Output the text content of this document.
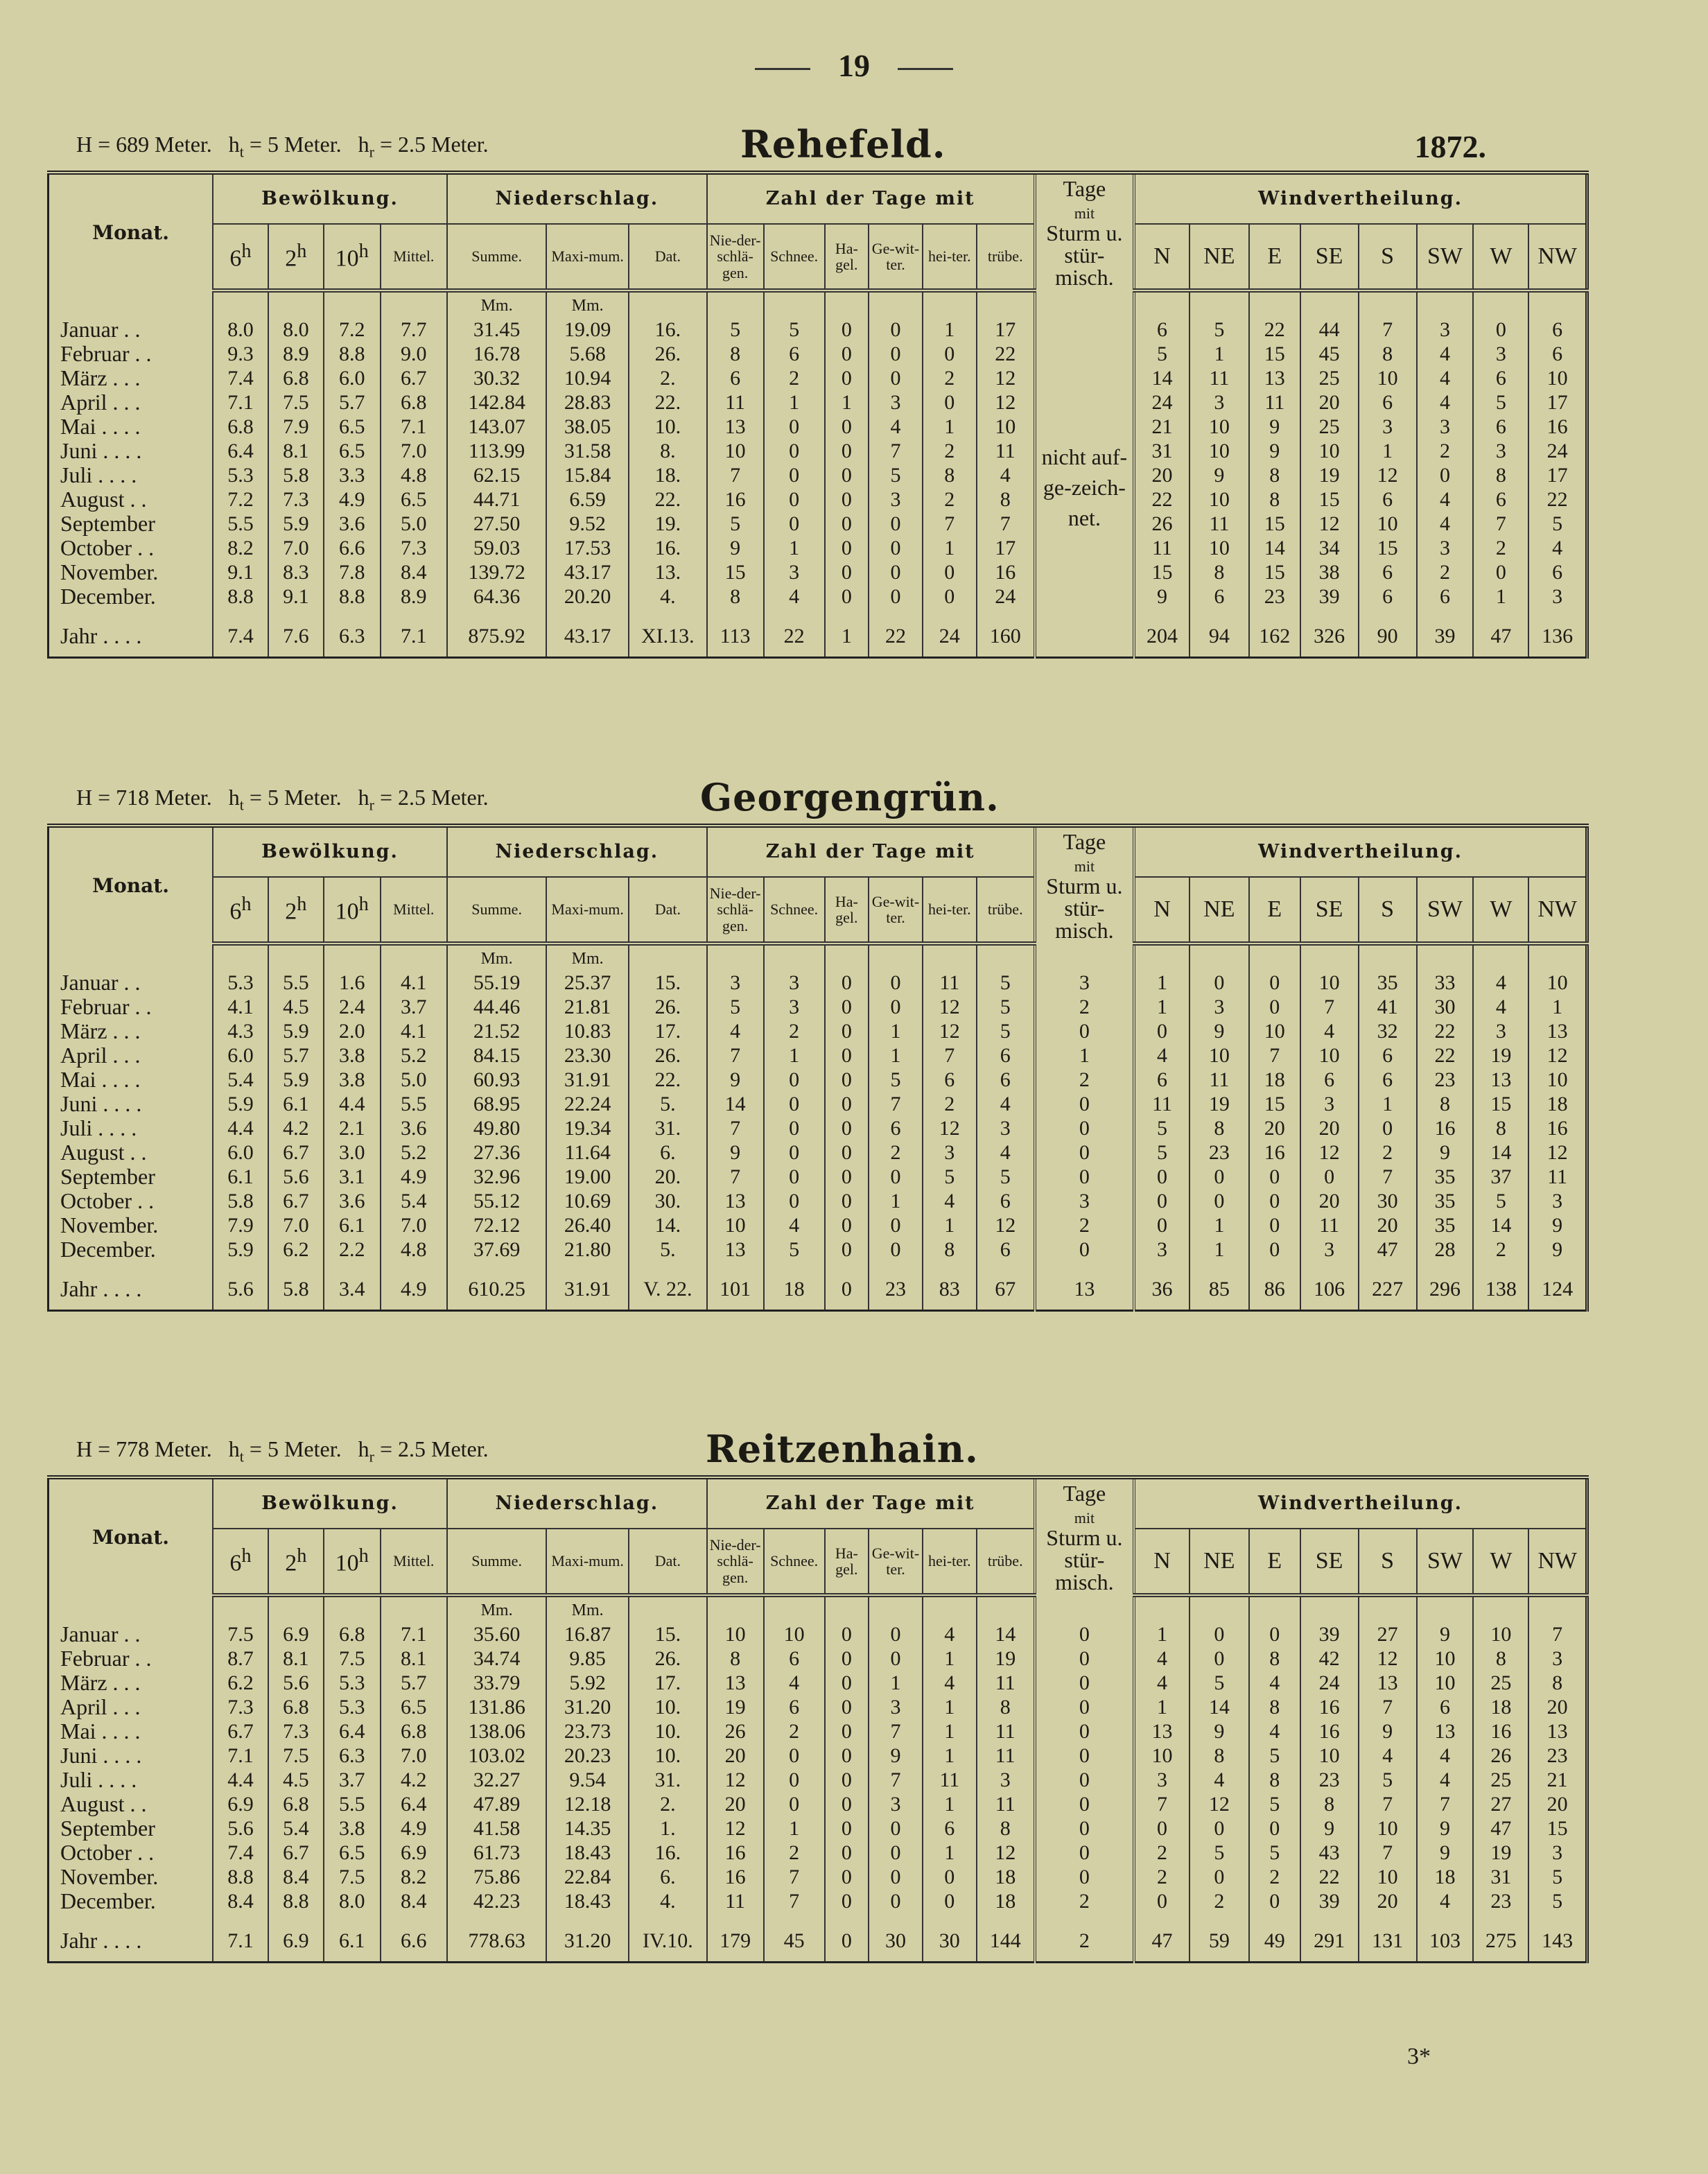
19
H = 689 Meter. $h_t = 5$ Meter. $h_r = 2.5$ Meter.	Rehefeld.	1872.
Monat.	Bewölkung.				Niederschlag.			Zahl der Tage mit						Tage
mit
Sturm u. stür-misch.	Windvertheilung.							
	6$^h$	2$^h$	10$^h$	Mittel.	Summe.	Maxi-mum.	Dat.	Nie-der-schlä-gen.	Schnee.	Ha-gel.	Ge-wit-ter.	hei-ter.	trübe.		N	NE	E	SE	S	SW	W	NW
					Mm.	Mm.																
Januar . .	8.0	8.0	7.2	7.7	31.45	19.09	16.	5	5	0	0	1	17	nicht auf-ge-zeich-net.	6	5	22	44	7	3	0	6
Februar . .	9.3	8.9	8.8	9.0	16.78	5.68	26.	8	6	0	0	0	22		5	1	15	45	8	4	3	6
März . . .	7.4	6.8	6.0	6.7	30.32	10.94	2.	6	2	0	0	2	12		14	11	13	25	10	4	6	10
April . . .	7.1	7.5	5.7	6.8	142.84	28.83	22.	11	1	1	3	0	12		24	3	11	20	6	4	5	17
Mai . . . .	6.8	7.9	6.5	7.1	143.07	38.05	10.	13	0	0	4	1	10		21	10	9	25	3	3	6	16
Juni . . . .	6.4	8.1	6.5	7.0	113.99	31.58	8.	10	0	0	7	2	11		31	10	9	10	1	2	3	24
Juli . . . .	5.3	5.8	3.3	4.8	62.15	15.84	18.	7	0	0	5	8	4		20	9	8	19	12	0	8	17
August . .	7.2	7.3	4.9	6.5	44.71	6.59	22.	16	0	0	3	2	8		22	10	8	15	6	4	6	22
September	5.5	5.9	3.6	5.0	27.50	9.52	19.	5	0	0	0	7	7		26	11	15	12	10	4	7	5
October . .	8.2	7.0	6.6	7.3	59.03	17.53	16.	9	1	0	0	1	17		11	10	14	34	15	3	2	4
November.	9.1	8.3	7.8	8.4	139.72	43.17	13.	15	3	0	0	0	16		15	8	15	38	6	2	0	6
December.	8.8	9.1	8.8	8.9	64.36	20.20	4.	8	4	0	0	0	24		9	6	23	39	6	6	1	3
Jahr . . . .	7.4	7.6	6.3	7.1	875.92	43.17	XI.13.	113	22	1	22	24	160		204	94	162	326	90	39	47	136
H = 718 Meter. $h_t = 5$ Meter. $h_r = 2.5$ Meter.	Georgengrün.
Monat.	Bewölkung.				Niederschlag.			Zahl der Tage mit						Tage
mit
Sturm u. stür-misch.	Windvertheilung.							
	6$^h$	2$^h$	10$^h$	Mittel.	Summe.	Maxi-mum.	Dat.	Nie-der-schlä-gen.	Schnee.	Ha-gel.	Ge-wit-ter.	hei-ter.	trübe.		N	NE	E	SE	S	SW	W	NW
					Mm.	Mm.																
Januar . .	5.3	5.5	1.6	4.1	55.19	25.37	15.	3	3	0	0	11	5	3	1	0	0	10	35	33	4	10
Februar . .	4.1	4.5	2.4	3.7	44.46	21.81	26.	5	3	0	0	12	5	2	1	3	0	7	41	30	4	1
März . . .	4.3	5.9	2.0	4.1	21.52	10.83	17.	4	2	0	1	12	5	0	0	9	10	4	32	22	3	13
April . . .	6.0	5.7	3.8	5.2	84.15	23.30	26.	7	1	0	1	7	6	1	4	10	7	10	6	22	19	12
Mai . . . .	5.4	5.9	3.8	5.0	60.93	31.91	22.	9	0	0	5	6	6	2	6	11	18	6	6	23	13	10
Juni . . . .	5.9	6.1	4.4	5.5	68.95	22.24	5.	14	0	0	7	2	4	0	11	19	15	3	1	8	15	18
Juli . . . .	4.4	4.2	2.1	3.6	49.80	19.34	31.	7	0	0	6	12	3	0	5	8	20	20	0	16	8	16
August . .	6.0	6.7	3.0	5.2	27.36	11.64	6.	9	0	0	2	3	4	0	5	23	16	12	2	9	14	12
September	6.1	5.6	3.1	4.9	32.96	19.00	20.	7	0	0	0	5	5	0	0	0	0	0	7	35	37	11
October . .	5.8	6.7	3.6	5.4	55.12	10.69	30.	13	0	0	1	4	6	3	0	0	0	20	30	35	5	3
November.	7.9	7.0	6.1	7.0	72.12	26.40	14.	10	4	0	0	1	12	2	0	1	0	11	20	35	14	9
December.	5.9	6.2	2.2	4.8	37.69	21.80	5.	13	5	0	0	8	6	0	3	1	0	3	47	28	2	9
Jahr . . . .	5.6	5.8	3.4	4.9	610.25	31.91	V. 22.	101	18	0	23	83	67	13	36	85	86	106	227	296	138	124
H = 778 Meter. $h_t = 5$ Meter. $h_r = 2.5$ Meter.	Reitzenhain.
Monat.	Bewölkung.				Niederschlag.			Zahl der Tage mit						Tage
mit
Sturm u. stür-misch.	Windvertheilung.							
	6$^h$	2$^h$	10$^h$	Mittel.	Summe.	Maxi-mum.	Dat.	Nie-der-schlä-gen.	Schnee.	Ha-gel.	Ge-wit-ter.	hei-ter.	trübe.		N	NE	E	SE	S	SW	W	NW
					Mm.	Mm.																
Januar . .	7.5	6.9	6.8	7.1	35.60	16.87	15.	10	10	0	0	4	14	0	1	0	0	39	27	9	10	7
Februar . .	8.7	8.1	7.5	8.1	34.74	9.85	26.	8	6	0	0	1	19	0	4	0	8	42	12	10	8	3
März . . .	6.2	5.6	5.3	5.7	33.79	5.92	17.	13	4	0	1	4	11	0	4	5	4	24	13	10	25	8
April . . .	7.3	6.8	5.3	6.5	131.86	31.20	10.	19	6	0	3	1	8	0	1	14	8	16	7	6	18	20
Mai . . . .	6.7	7.3	6.4	6.8	138.06	23.73	10.	26	2	0	7	1	11	0	13	9	4	16	9	13	16	13
Juni . . . .	7.1	7.5	6.3	7.0	103.02	20.23	10.	20	0	0	9	1	11	0	10	8	5	10	4	4	26	23
Juli . . . .	4.4	4.5	3.7	4.2	32.27	9.54	31.	12	0	0	7	11	3	0	3	4	8	23	5	4	25	21
August . .	6.9	6.8	5.5	6.4	47.89	12.18	2.	20	0	0	3	1	11	0	7	12	5	8	7	7	27	20
September	5.6	5.4	3.8	4.9	41.58	14.35	1.	12	1	0	0	6	8	0	0	0	0	9	10	9	47	15
October . .	7.4	6.7	6.5	6.9	61.73	18.43	16.	16	2	0	0	1	12	0	2	5	5	43	7	9	19	3
November.	8.8	8.4	7.5	8.2	75.86	22.84	6.	16	7	0	0	0	18	0	2	0	2	22	10	18	31	5
December.	8.4	8.8	8.0	8.4	42.23	18.43	4.	11	7	0	0	0	18	2	0	2	0	39	20	4	23	5
Jahr . . . .	7.1	6.9	6.1	6.6	778.63	31.20	IV.10.	179	45	0	30	30	144	2	47	59	49	291	131	103	275	143
3*
